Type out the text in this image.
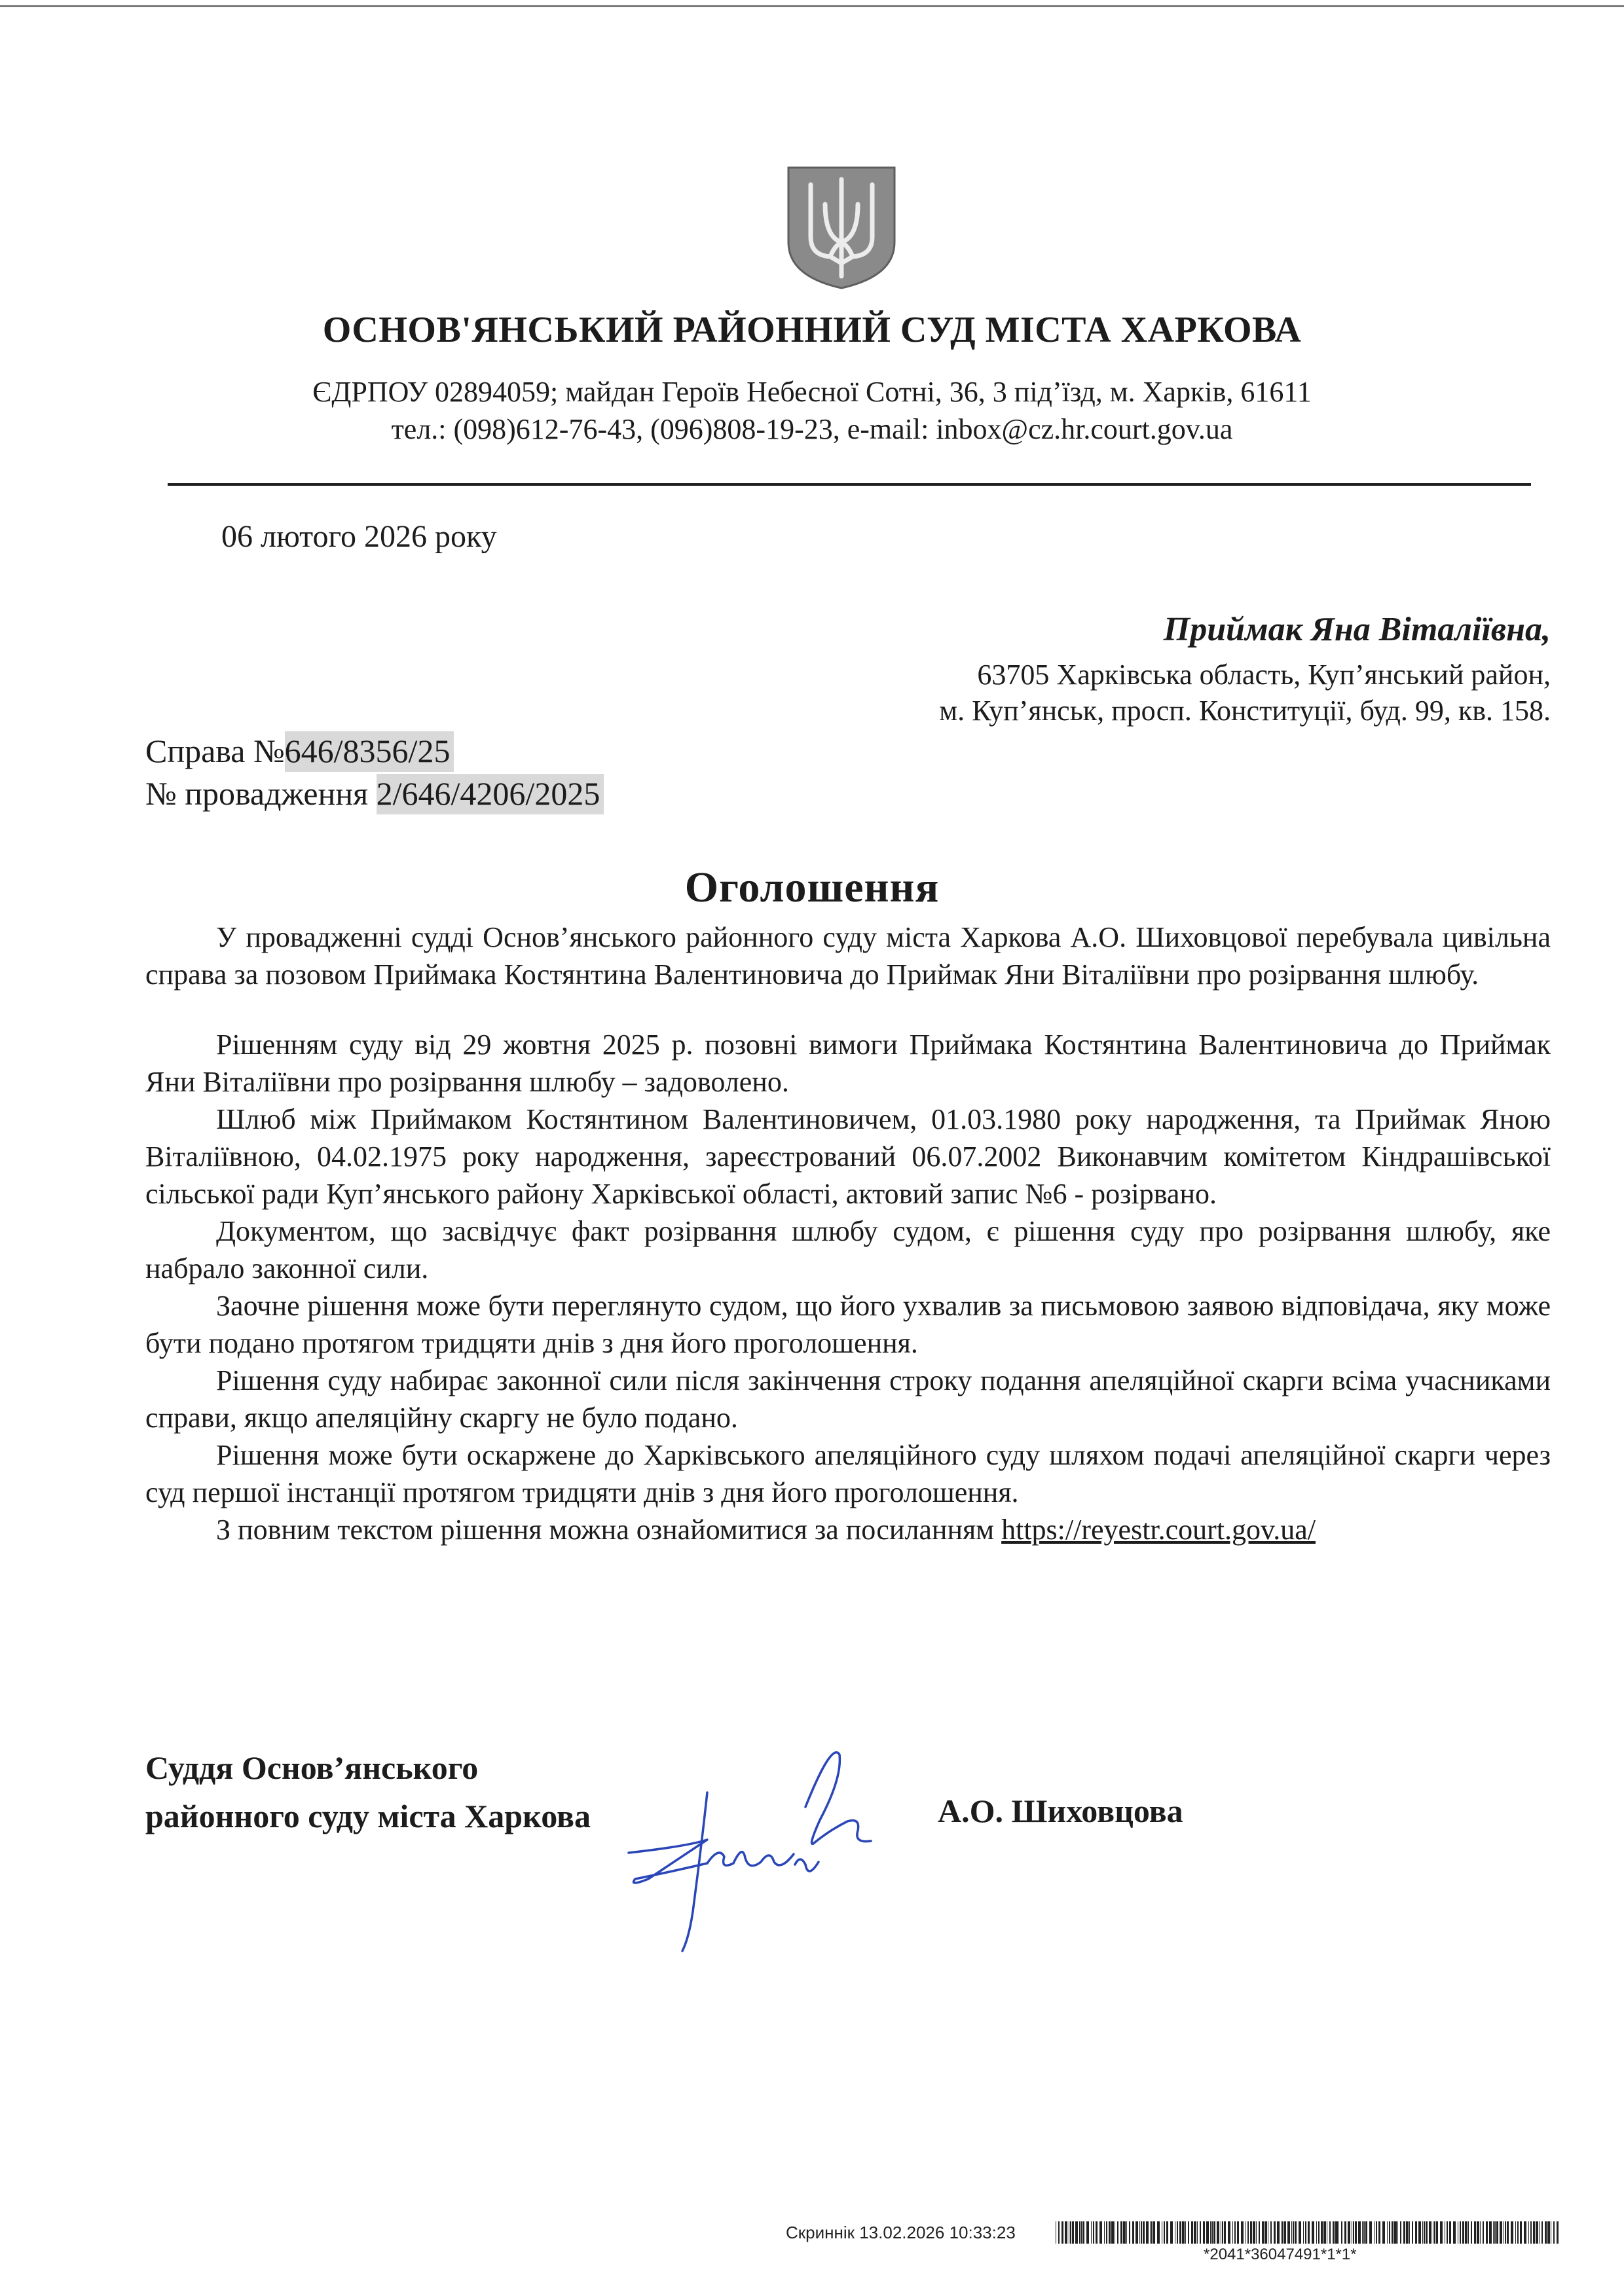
ОСНОВ'ЯНСЬКИЙ РАЙОННИЙ СУД МІСТА ХАРКОВА
ЄДРПОУ 02894059; майдан Героїв Небесної Сотні, 36, 3 під’їзд, м. Харків, 61611
тел.: (098)612-76-43, (096)808-19-23, e-mail: inbox@cz.hr.court.gov.ua
06 лютого 2026 року
Приймак Яна Віталіївна,
63705 Харківська область, Куп’янський район,
м. Куп’янськ, просп. Конституції, буд. 99, кв. 158.
Справа №646/8356/25
№ провадження 2/646/4206/2025
Оголошення

У провадженні судді Основ’янського районного суду міста Харкова А.О. Шиховцової перебувала цивільна справа за позовом Приймака Костянтина Валентиновича до Приймак Яни Віталіївни про розірвання шлюбу.

Рішенням суду від 29 жовтня 2025 р. позовні вимоги Приймака Костянтина Валентиновича до Приймак Яни Віталіївни про розірвання шлюбу – задоволено.

Шлюб між Приймаком Костянтином Валентиновичем, 01.03.1980 року народження, та Приймак Яною Віталіївною, 04.02.1975 року народження, зареєстрований 06.07.2002 Виконавчим комітетом Кіндрашівської сільської ради Куп’янського району Харківської області, актовий запис №6 - розірвано.

Документом, що засвідчує факт розірвання шлюбу судом, є рішення суду про розірвання шлюбу, яке набрало законної сили.

Заочне рішення може бути переглянуто судом, що його ухвалив за письмовою заявою відповідача, яку може бути подано протягом тридцяти днів з дня його проголошення.

Рішення суду набирає законної сили після закінчення строку подання апеляційної скарги всіма учасниками справи, якщо апеляційну скаргу не було подано.

Рішення може бути оскаржене до Харківського апеляційного суду шляхом подачі апеляційної скарги через суд першої інстанції протягом тридцяти днів з дня його проголошення.

З повним текстом рішення можна ознайомитися за посиланням https://reyestr.court.gov.ua/

Суддя Основ’янського
районного суду міста Харкова	А.О. Шиховцова
Скриннік 13.02.2026 10:33:23
*2041*36047491*1*1*
